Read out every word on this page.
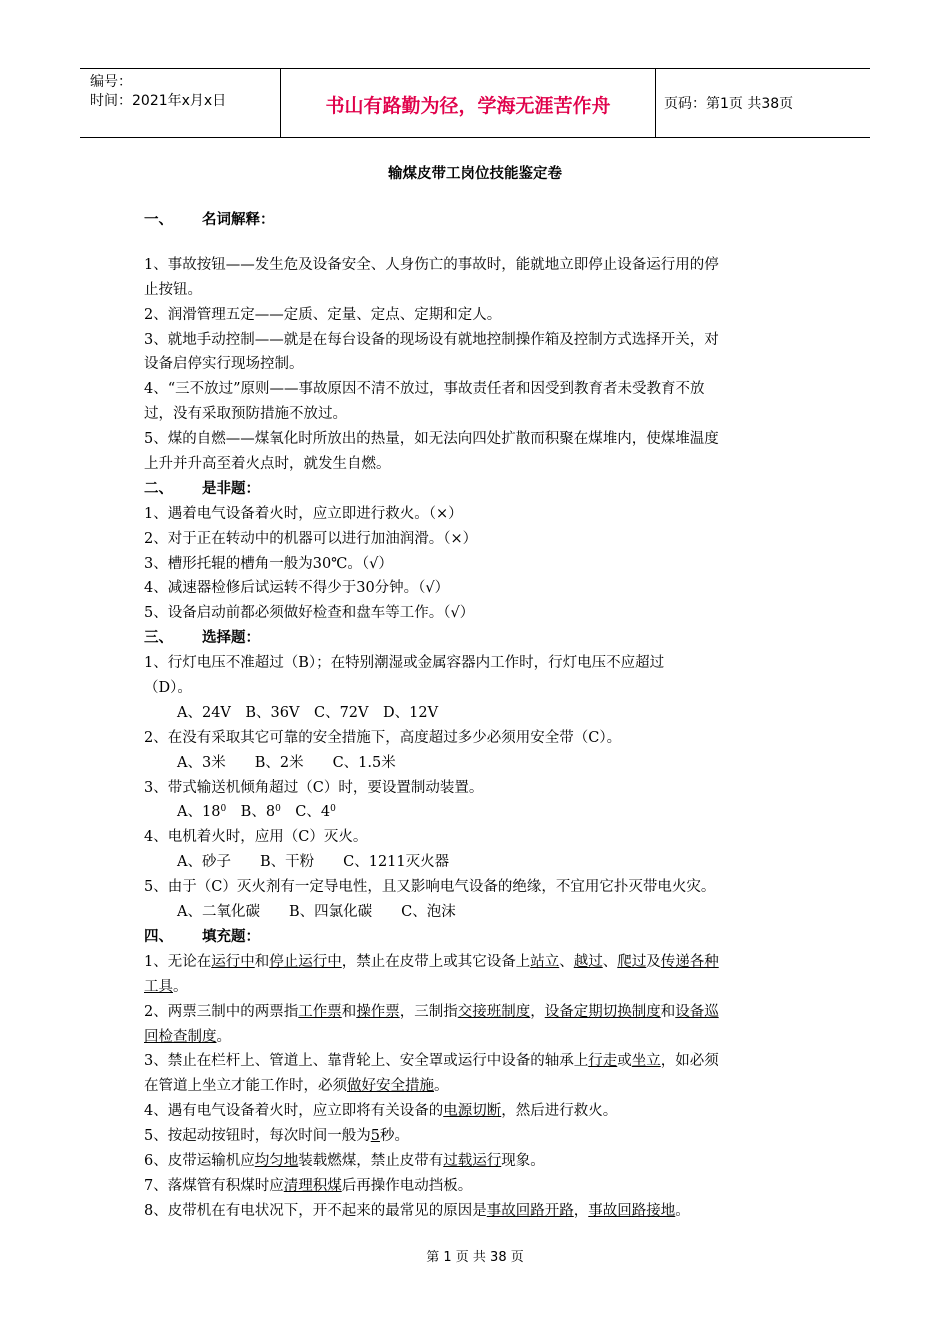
编号：
时间：2021年x月x日	书山有路勤为径，学海无涯苦作舟	页码：第1页 共38页
输煤皮带工岗位技能鉴定卷
一、 名词解释：
1、事故按钮——发生危及设备安全、人身伤亡的事故时，能就地立即停止设备运行用的停
止按钮。
2、润滑管理五定——定质、定量、定点、定期和定人。
3、就地手动控制——就是在每台设备的现场设有就地控制操作箱及控制方式选择开关，对
设备启停实行现场控制。
4、“三不放过”原则——事故原因不清不放过，事故责任者和因受到教育者未受教育不放
过，没有采取预防措施不放过。
5、煤的自燃——煤氧化时所放出的热量，如无法向四处扩散而积聚在煤堆内，使煤堆温度
上升并升高至着火点时，就发生自燃。
二、 是非题：
1、遇着电气设备着火时，应立即进行救火。（×）
2、对于正在转动中的机器可以进行加油润滑。（×）
3、槽形托辊的槽角一般为30℃。（√）
4、减速器检修后试运转不得少于30分钟。（√）
5、设备启动前都必须做好检查和盘车等工作。（√）
三、 选择题：
1、行灯电压不准超过（B）；在特别潮湿或金属容器内工作时，行灯电压不应超过
（D）。
A、24V　B、36V　C、72V　D、12V
2、在没有采取其它可靠的安全措施下，高度超过多少必须用安全带（C）。
A、3米　　B、2米　　C、1.5米
3、带式输送机倾角超过（C）时，要设置制动装置。
A、$18^0$　B、$8^0$　C、$4^0$
4、电机着火时，应用（C）灭火。
A、砂子　　B、干粉　　C、1211灭火器
5、由于（C）灭火剂有一定导电性，且又影响电气设备的绝缘，不宜用它扑灭带电火灾。
A、二氧化碳　　B、四氯化碳　　C、泡沫
四、 填充题：
1、无论在运行中和停止运行中，禁止在皮带上或其它设备上站立、越过、爬过及传递各种
工具。
2、两票三制中的两票指工作票和操作票，三制指交接班制度，设备定期切换制度和设备巡
回检查制度。
3、禁止在栏杆上、管道上、靠背轮上、安全罩或运行中设备的轴承上行走或坐立，如必须
在管道上坐立才能工作时，必须做好安全措施。
4、遇有电气设备着火时，应立即将有关设备的电源切断，然后进行救火。
5、按起动按钮时，每次时间一般为5秒。
6、皮带运输机应均匀地装载燃煤，禁止皮带有过载运行现象。
7、落煤管有积煤时应清理积煤后再操作电动挡板。
8、皮带机在有电状况下，开不起来的最常见的原因是事故回路开路，事故回路接地。
第 1 页 共 38 页
